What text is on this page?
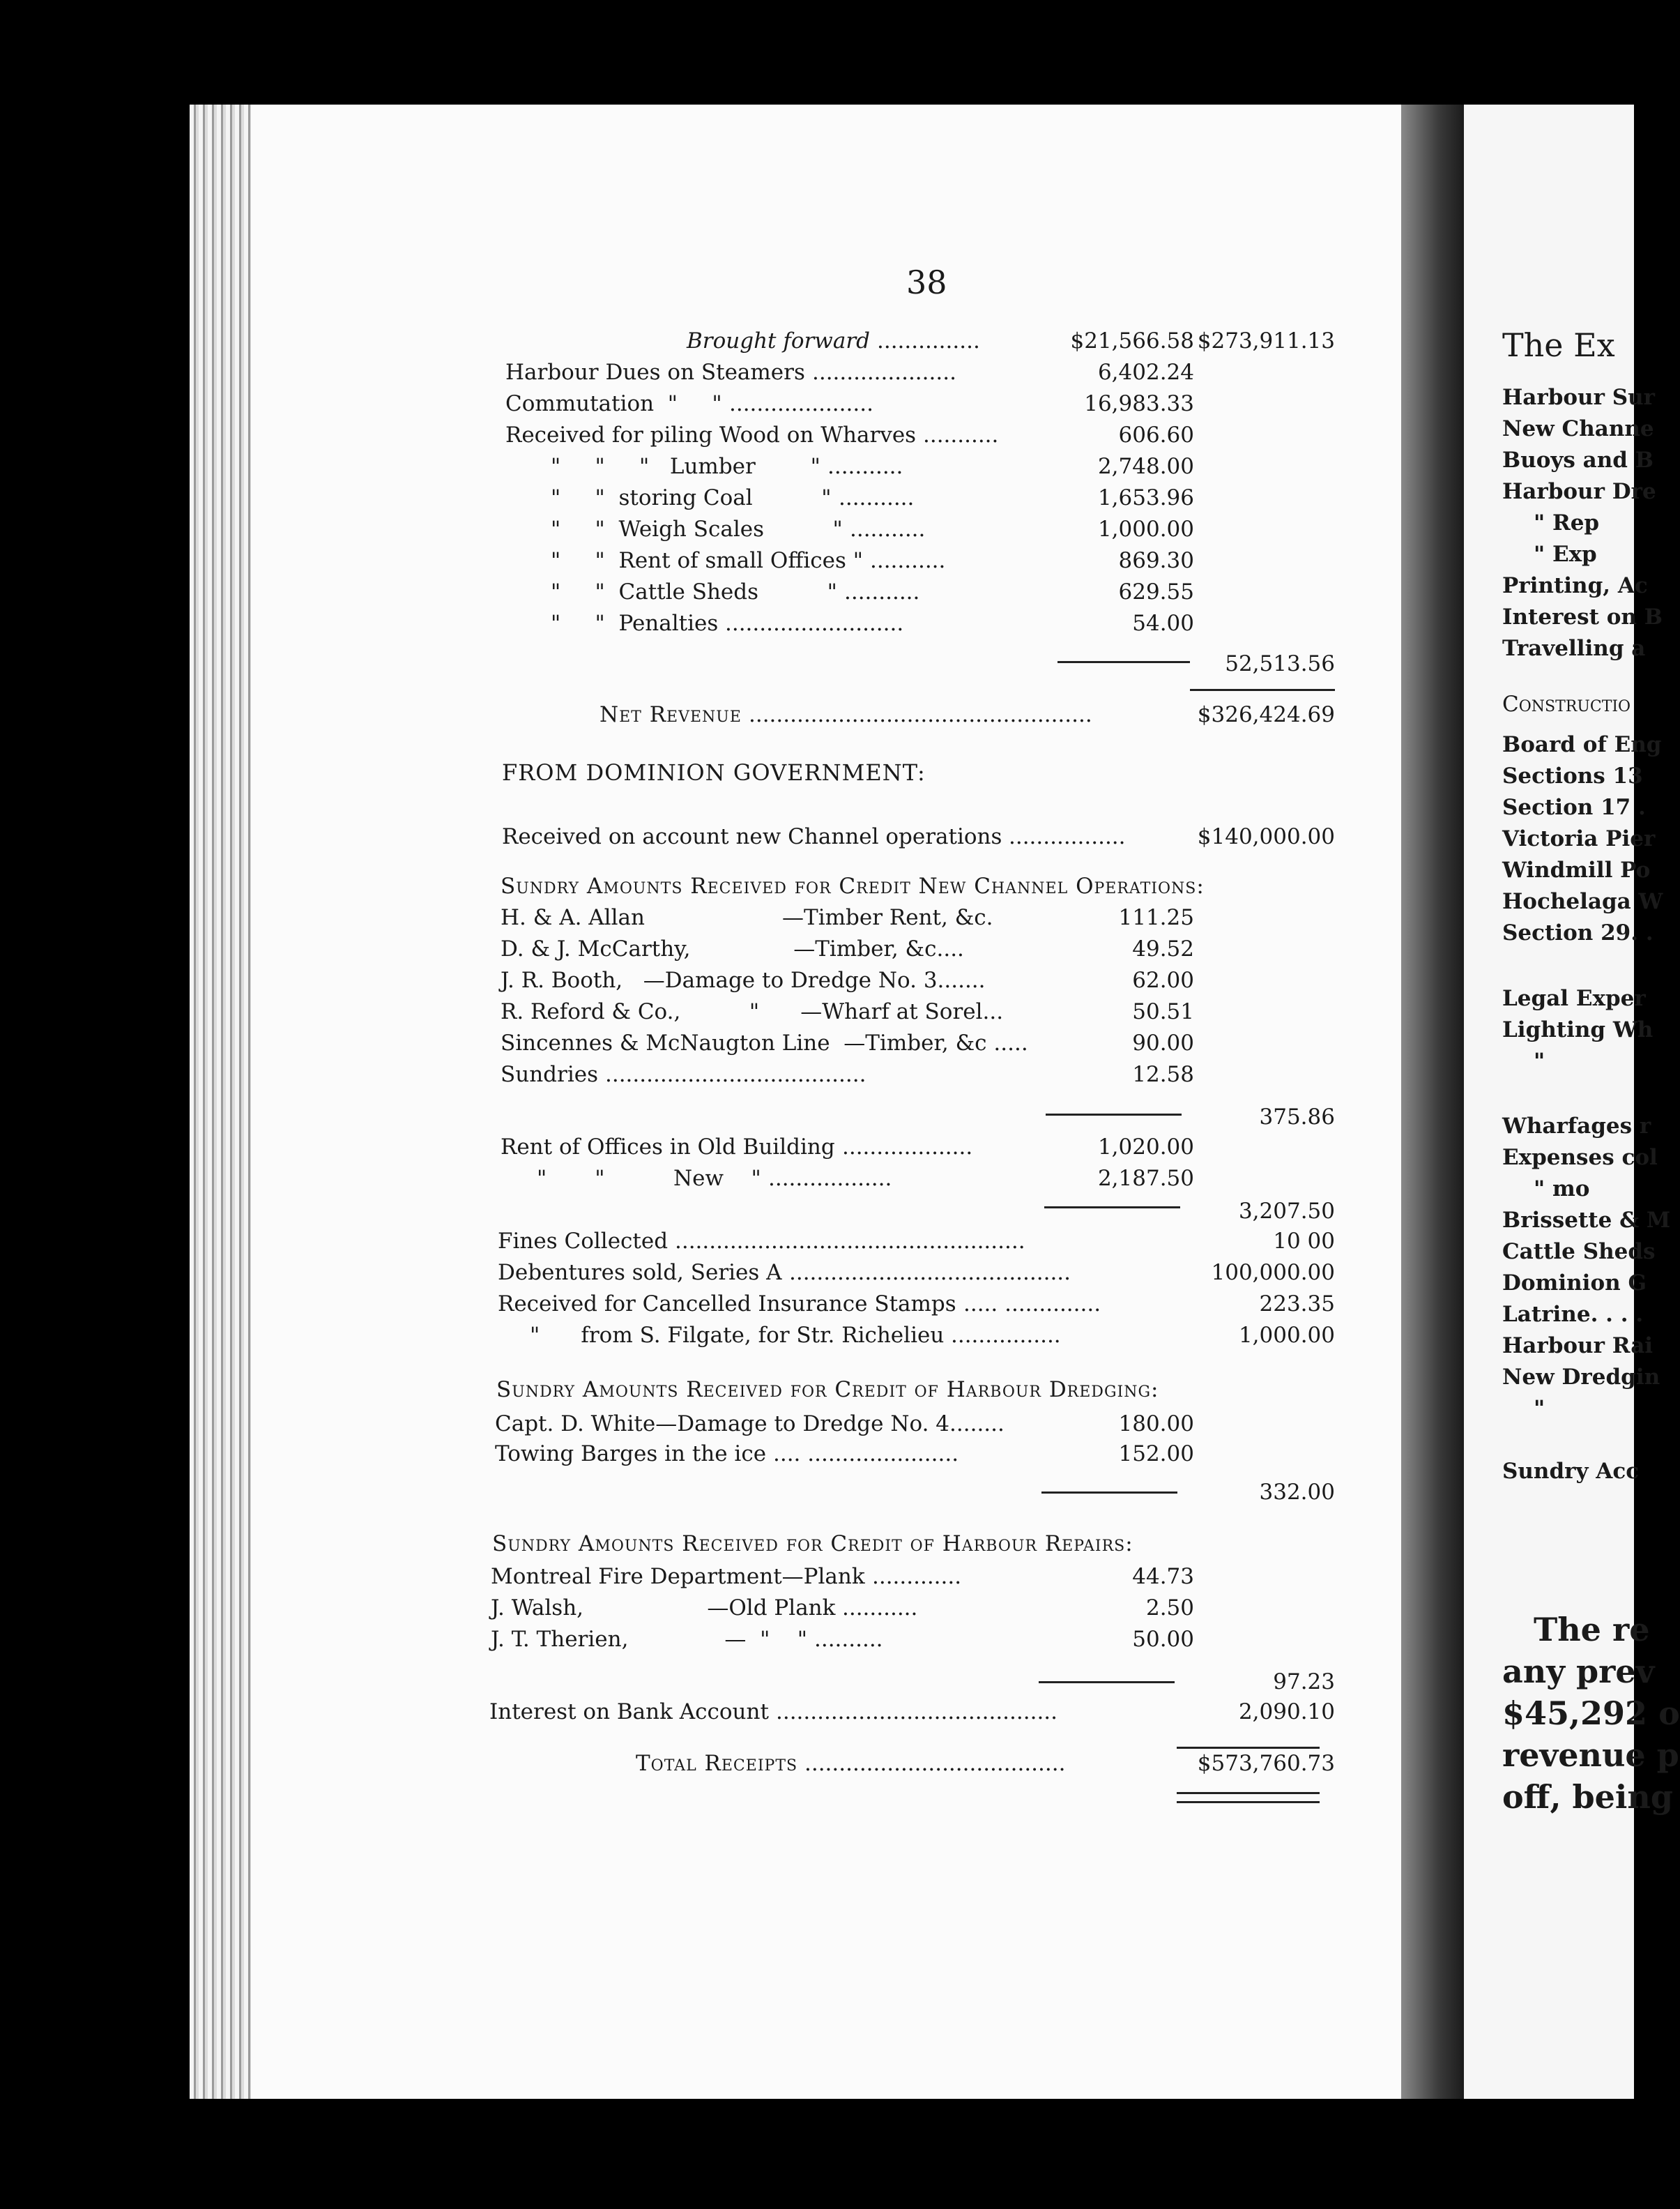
The Ex
Harbour Sur
New Channe
Buoys and B
Harbour Dre
" Rep
" Exp
Printing, Ac
Interest on B
Travelling a
Constructio
Board of Eng
Sections 13
Section 17 .
Victoria Pier
Windmill Po
Hochelaga W
Section 29. .
Legal Exper
Lighting Wh
"
Wharfages r
Expenses col
" mo
Brissette & M
Cattle Sheds
Dominion G
Latrine. . . .
Harbour Rai
New Dredgin
"
Sundry Acc
The re
any prev
$45,292 o
revenue p
off, being
38
Brought forward ...............	$21,566.58 $273,911.13
Harbour Dues on Steamers .....................	6,402.24
Commutation  "     " .....................	16,983.33
Received for piling Wood on Wharves ...........	606.60
"     "     "   Lumber        " ...........	2,748.00
"     "  storing Coal          " ...........	1,653.96
"     "  Weigh Scales          " ...........	1,000.00
"     "  Rent of small Offices " ...........	869.30
"     "  Cattle Sheds          " ...........	629.55
"     "  Penalties ..........................	54.00
52,513.56
Net Revenue ..................................................	$326,424.69
FROM DOMINION GOVERNMENT:
Received on account new Channel operations .................	$140,000.00
Sundry Amounts Received for Credit New Channel Operations:
H. & A. Allan                    —Timber Rent, &c.	111.25
D. & J. McCarthy,               —Timber, &c....	49.52
J. R. Booth,   —Damage to Dredge No. 3.......	62.00
R. Reford & Co.,          "      —Wharf at Sorel...	50.51
Sincennes & McNaugton Line  —Timber, &c .....	90.00
Sundries ......................................	12.58
375.86
Rent of Offices in Old Building ...................	1,020.00
"       "          New    " ..................	2,187.50
3,207.50
Fines Collected ...................................................	10 00
Debentures sold, Series A .........................................	100,000.00
Received for Cancelled Insurance Stamps ..... ..............	223.35
"      from S. Filgate, for Str. Richelieu ................	1,000.00
Sundry Amounts Received for Credit of Harbour Dredging:
Capt. D. White—Damage to Dredge No. 4........	180.00
Towing Barges in the ice .... ......................	152.00
332.00
Sundry Amounts Received for Credit of Harbour Repairs:
Montreal Fire Department—Plank .............	44.73
J. Walsh,                  —Old Plank ...........	2.50
J. T. Therien,              —  "    " ..........	50.00
97.23
Interest on Bank Account .........................................	2,090.10
Total Receipts ......................................	$573,760.73
